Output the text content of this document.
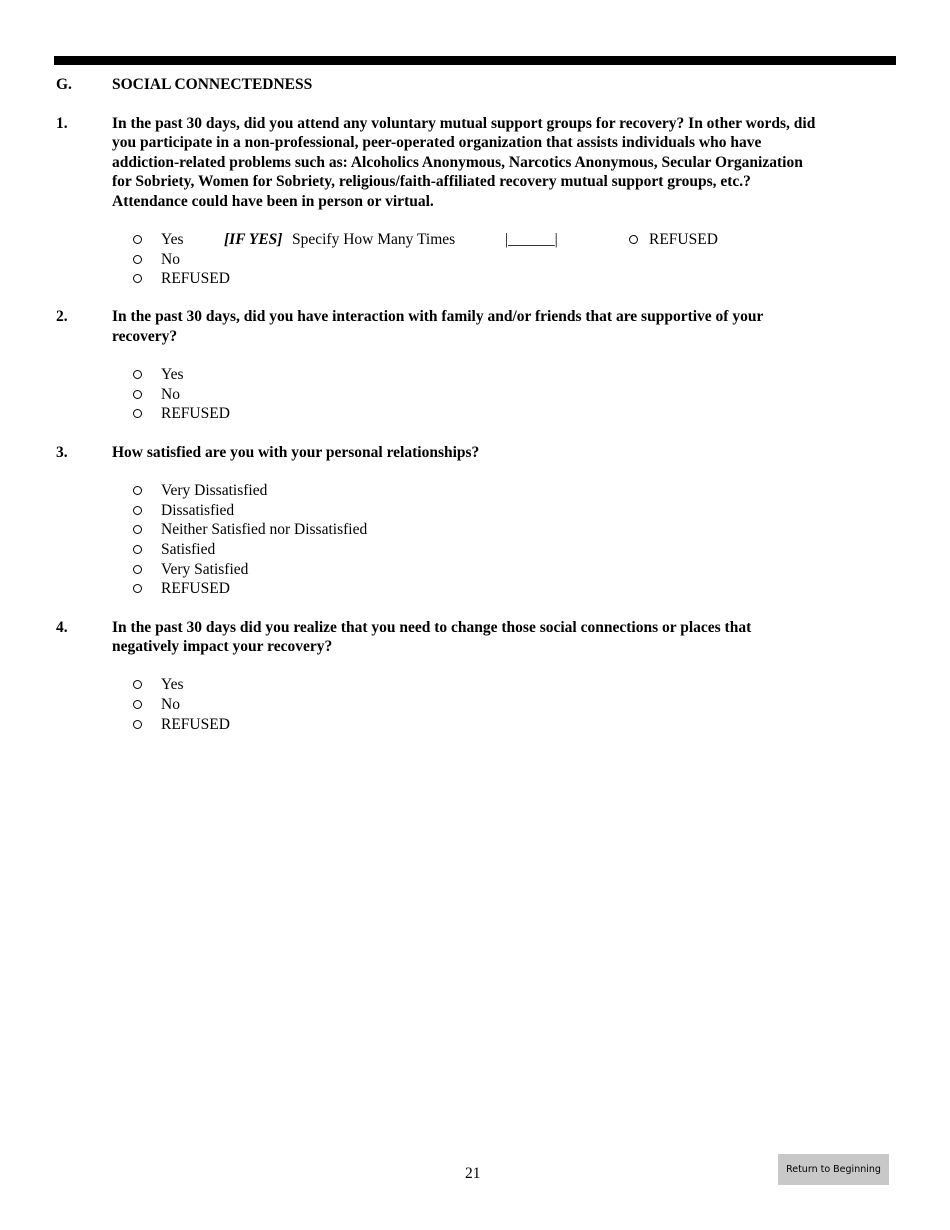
G.	SOCIAL CONNECTEDNESS
1.	In the past 30 days, did you attend any voluntary mutual support groups for recovery? In other words, did
you participate in a non-professional, peer-operated organization that assists individuals who have
addiction-related problems such as: Alcoholics Anonymous, Narcotics Anonymous, Secular Organization
for Sobriety, Women for Sobriety, religious/faith-affiliated recovery mutual support groups, etc.?
Attendance could have been in person or virtual.
Yes
No
REFUSED
[IF YES] Specify How Many Times	|______|	REFUSED
2.	In the past 30 days, did you have interaction with family and/or friends that are supportive of your
recovery?
Yes
No
REFUSED
3.	How satisfied are you with your personal relationships?
Very Dissatisfied
Dissatisfied
Neither Satisfied nor Dissatisfied
Satisfied
Very Satisfied
REFUSED
4.	In the past 30 days did you realize that you need to change those social connections or places that
negatively impact your recovery?
Yes
No
REFUSED
21	Return to Beginning
